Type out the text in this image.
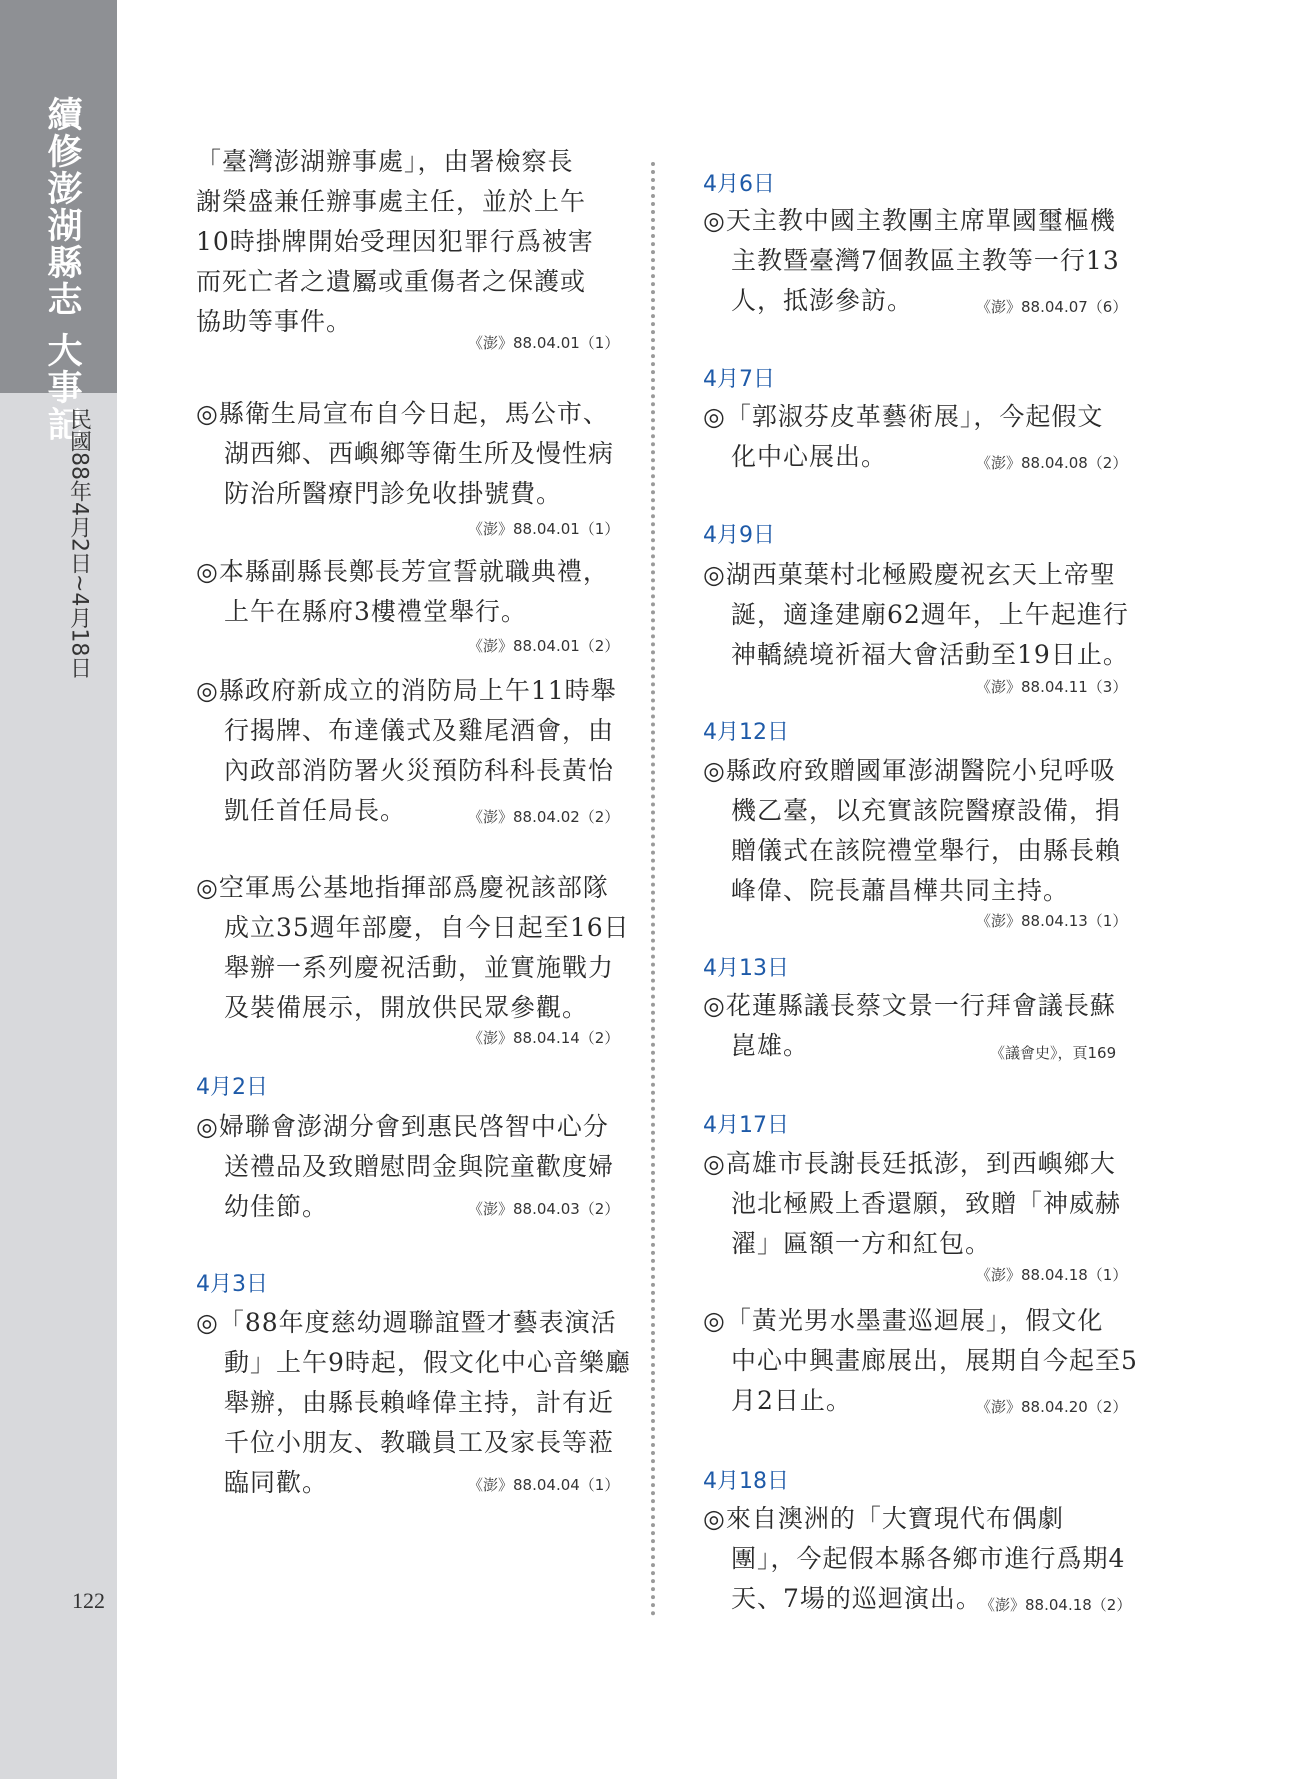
續修澎湖縣志 大事記
民國88年4月2日~4月18日
122
「臺灣澎湖辦事處」，由署檢察長
謝榮盛兼任辦事處主任，並於上午
10時掛牌開始受理因犯罪行爲被害
而死亡者之遺屬或重傷者之保護或
協助等事件。
《澎》88.04.01（1）
◎縣衛生局宣布自今日起，馬公市、
湖西鄉、西嶼鄉等衛生所及慢性病
防治所醫療門診免收掛號費。
《澎》88.04.01（1）
◎本縣副縣長鄭長芳宣誓就職典禮，
上午在縣府3樓禮堂舉行。
《澎》88.04.01（2）
◎縣政府新成立的消防局上午11時舉
行揭牌、布達儀式及雞尾酒會，由
內政部消防署火災預防科科長黃怡
凱任首任局長。	《澎》88.04.02（2）
◎空軍馬公基地指揮部爲慶祝該部隊
成立35週年部慶，自今日起至16日
舉辦一系列慶祝活動，並實施戰力
及裝備展示，開放供民眾參觀。
《澎》88.04.14（2）
4月2日
◎婦聯會澎湖分會到惠民啓智中心分
送禮品及致贈慰問金與院童歡度婦
幼佳節。	《澎》88.04.03（2）
4月3日
◎「88年度慈幼週聯誼暨才藝表演活
動」上午9時起，假文化中心音樂廳
舉辦，由縣長賴峰偉主持，計有近
千位小朋友、教職員工及家長等蒞
臨同歡。	《澎》88.04.04（1）
4月6日
◎天主教中國主教團主席單國璽樞機
主教暨臺灣7個教區主教等一行13
人，抵澎參訪。	《澎》88.04.07（6）
4月7日
◎「郭淑芬皮革藝術展」，今起假文
化中心展出。	《澎》88.04.08（2）
4月9日
◎湖西菓葉村北極殿慶祝玄天上帝聖
誕，適逢建廟62週年，上午起進行
神轎繞境祈福大會活動至19日止。
《澎》88.04.11（3）
4月12日
◎縣政府致贈國軍澎湖醫院小兒呼吸
機乙臺，以充實該院醫療設備，捐
贈儀式在該院禮堂舉行，由縣長賴
峰偉、院長蕭昌樺共同主持。
《澎》88.04.13（1）
4月13日
◎花蓮縣議長蔡文景一行拜會議長蘇
崑雄。	《議會史》，頁169
4月17日
◎高雄市長謝長廷抵澎，到西嶼鄉大
池北極殿上香還願，致贈「神威赫
濯」匾額一方和紅包。
《澎》88.04.18（1）
◎「黃光男水墨畫巡迴展」，假文化
中心中興畫廊展出，展期自今起至5
月2日止。	《澎》88.04.20（2）
4月18日
◎來自澳洲的「大寶現代布偶劇
團」，今起假本縣各鄉市進行爲期4
天、7場的巡迴演出。
《澎》88.04.18（2）
